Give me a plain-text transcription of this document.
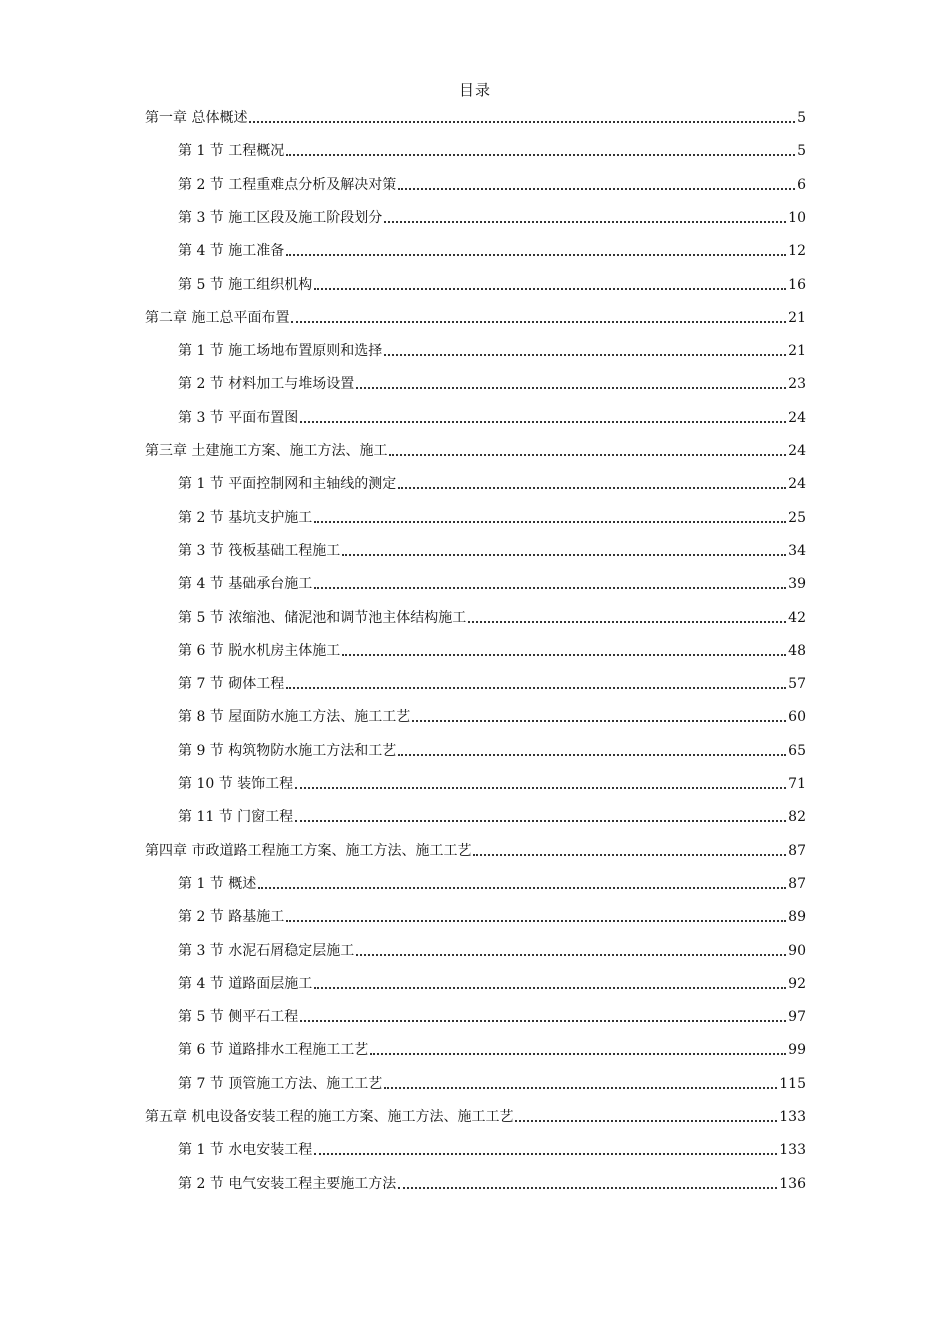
目录
第一章 总体概述	5
第 1 节 工程概况	5
第 2 节 工程重难点分析及解决对策	6
第 3 节 施工区段及施工阶段划分	10
第 4 节 施工准备	12
第 5 节 施工组织机构	16
第二章 施工总平面布置	21
第 1 节 施工场地布置原则和选择	21
第 2 节 材料加工与堆场设置	23
第 3 节 平面布置图	24
第三章 土建施工方案、施工方法、施工	24
第 1 节 平面控制网和主轴线的测定	24
第 2 节 基坑支护施工	25
第 3 节 筏板基础工程施工	34
第 4 节 基础承台施工	39
第 5 节 浓缩池、储泥池和调节池主体结构施工	42
第 6 节 脱水机房主体施工	48
第 7 节 砌体工程	57
第 8 节 屋面防水施工方法、施工工艺	60
第 9 节 构筑物防水施工方法和工艺	65
第 10 节 装饰工程	71
第 11 节 门窗工程	82
第四章 市政道路工程施工方案、施工方法、施工工艺	87
第 1 节 概述	87
第 2 节 路基施工	89
第 3 节 水泥石屑稳定层施工	90
第 4 节 道路面层施工	92
第 5 节 侧平石工程	97
第 6 节 道路排水工程施工工艺	99
第 7 节 顶管施工方法、施工工艺	115
第五章 机电设备安装工程的施工方案、施工方法、施工工艺	133
第 1 节 水电安装工程	133
第 2 节 电气安装工程主要施工方法	136
